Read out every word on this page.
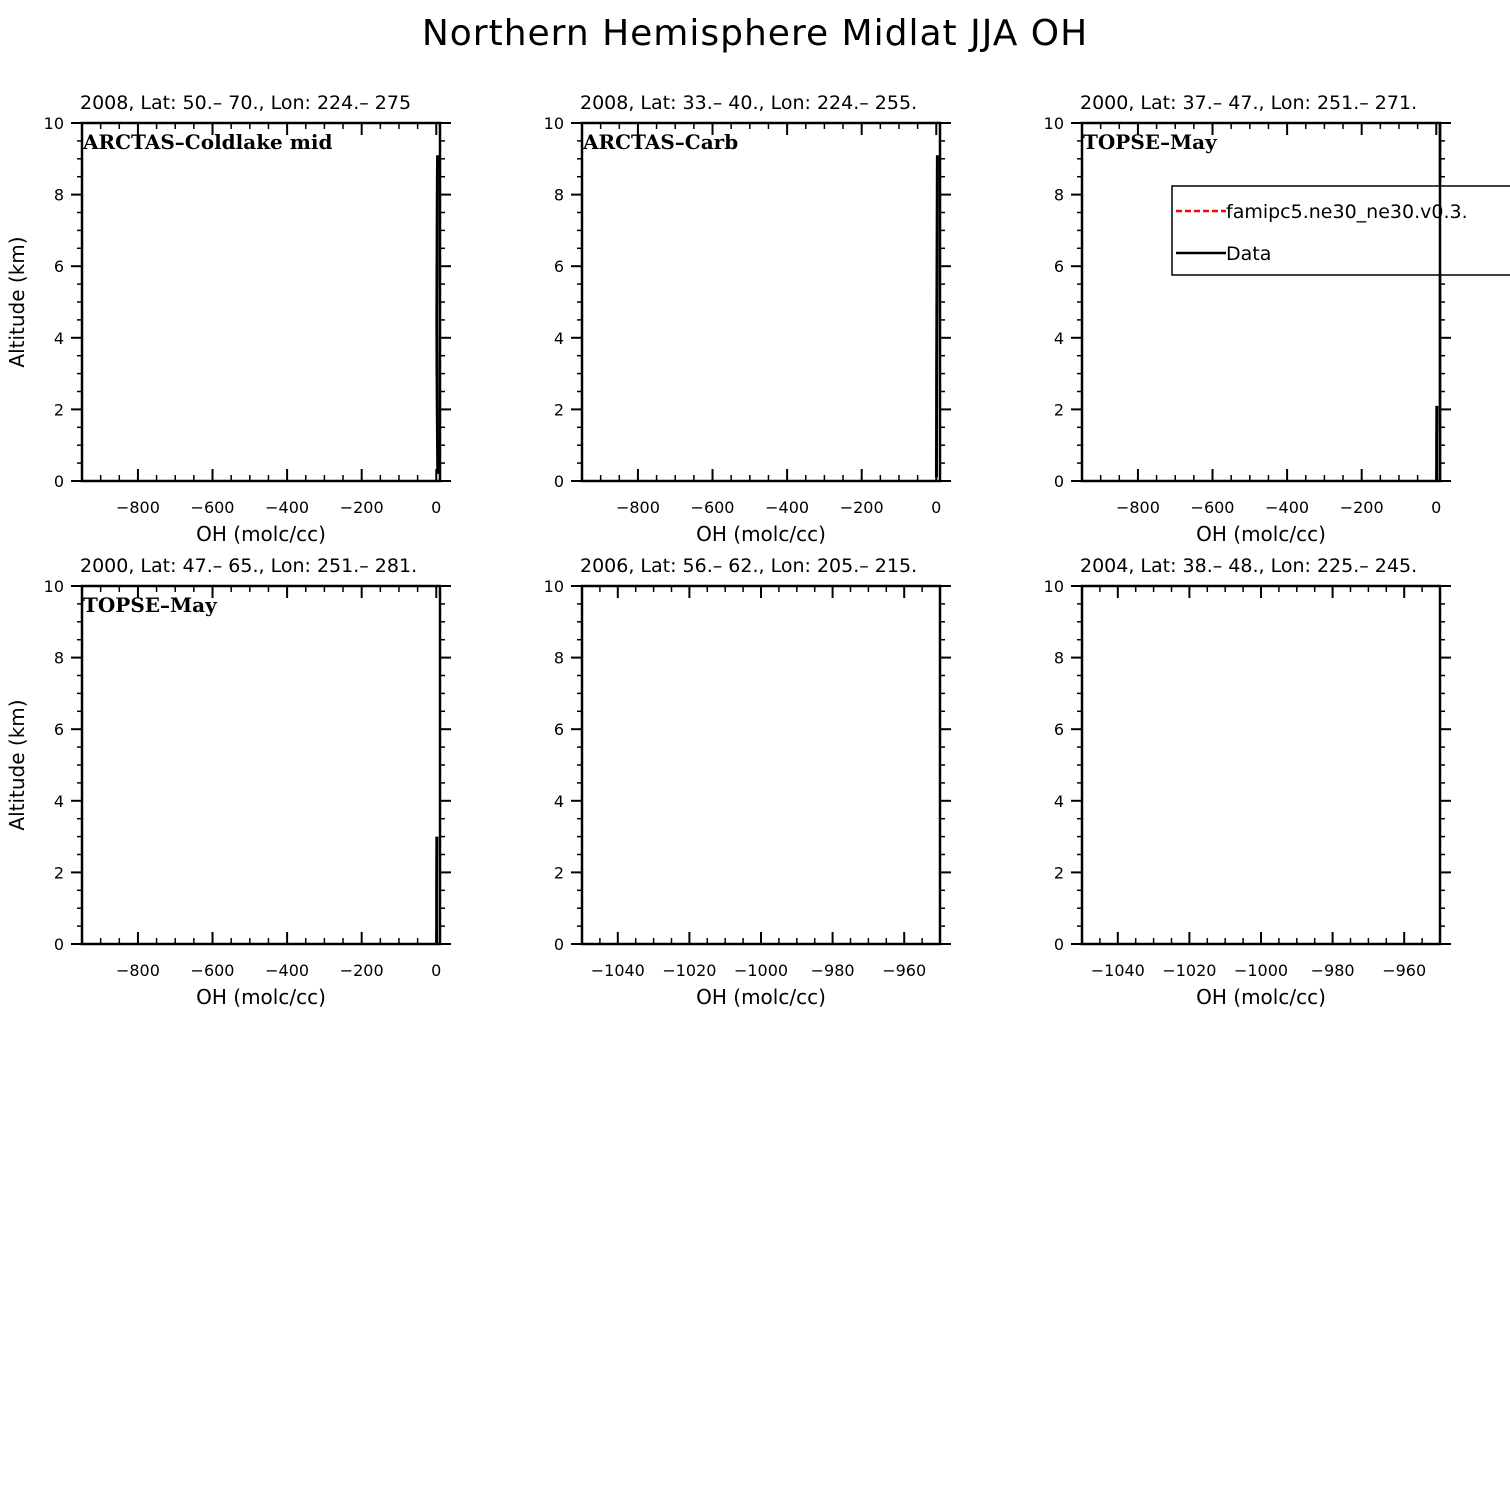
Northern Hemisphere Midlat JJA OH
−800 −600 −400 −200	0
0
2
4
6
8
10
2008, Lat: 50.– 70., Lon: 224.– 275
OH (molc/cc)
Altitude (km)
ARCTAS–Coldlake mid
−800 −600 −400 −200	0
0
2
4
6
8
10
2008, Lat: 33.– 40., Lon: 224.– 255.
OH (molc/cc)
ARCTAS–Carb
−800 −600 −400 −200	0
0
2
4
6
8
10
2000, Lat: 37.– 47., Lon: 251.– 271.
OH (molc/cc)
TOPSE–May
famipc5.ne30_ne30.v0.3.
Data
−800 −600 −400 −200	0
0
2
4
6
8
10
2000, Lat: 47.– 65., Lon: 251.– 281.
OH (molc/cc)
Altitude (km)
TOPSE–May
−1040 −1020 −1000 −980 −960
0
2
4
6
8
10
2006, Lat: 56.– 62., Lon: 205.– 215.
OH (molc/cc)
−1040 −1020 −1000 −980 −960
0
2
4
6
8
10
2004, Lat: 38.– 48., Lon: 225.– 245.
OH (molc/cc)
